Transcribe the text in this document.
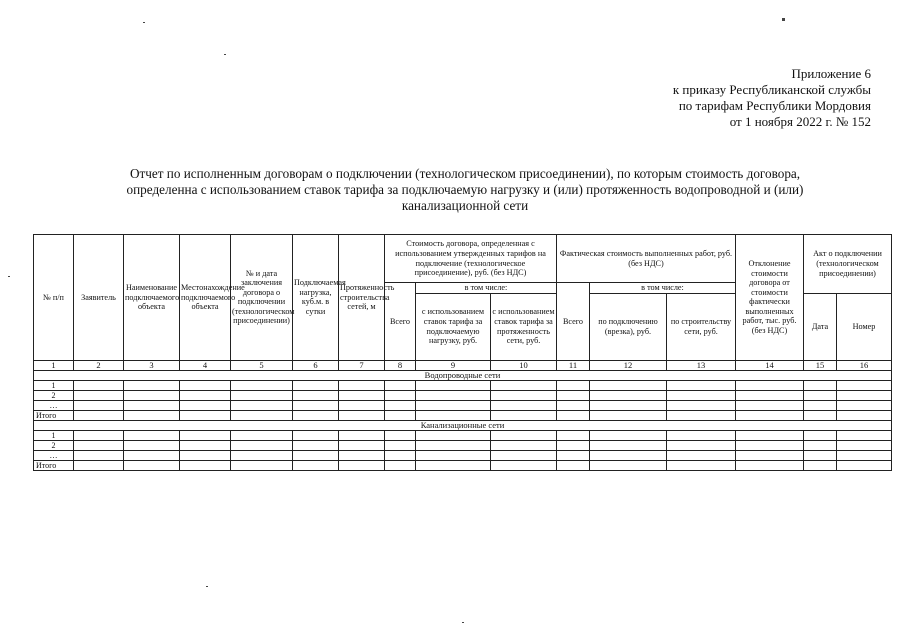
Приложение 6
к приказу Республиканской службы
по тарифам Республики Мордовия
от 1 ноября 2022 г. № 152
Отчет по исполненным договорам о подключении (технологическом присоединении), по которым стоимость договора,
определенна с использованием ставок тарифа за подключаемую нагрузку и (или) протяженность водопроводной и (или)
канализационной сети
№ п/п	Заявитель	Наименование подключаемого объекта	Местонахождение подключаемого объекта	№ и дата заключения договора о подключении (технологическом присоединении)	Подключаемая нагрузка, куб.м. в сутки	Протяженность строительства сетей, м	Стоимость договора, определенная с использованием утвержденных тарифов на подключение (технологическое присоединение), руб. (без НДС)			Фактическая стоимость выполненных работ, руб. (без НДС)			Отклонение стоимости договора от стоимости фактически выполненных работ, тыс. руб. (без НДС)	Акт о подключении (технологическом присоединении)	
							Всего	в том числе:		Всего	в том числе:				
								с использованием ставок тарифа за подключаемую нагрузку, руб.	с использованием ставок тарифа за протяженность сети, руб.		по подключению (врезка), руб.	по строительству сети, руб.		Дата	Номер
1	2	3	4	5	6	7	8	9	10	11	12	13	14	15	16
Водопроводные сети															
1															
2															
…															
Итого															
Канализационные сети															
1															
2															
…															
Итого															
